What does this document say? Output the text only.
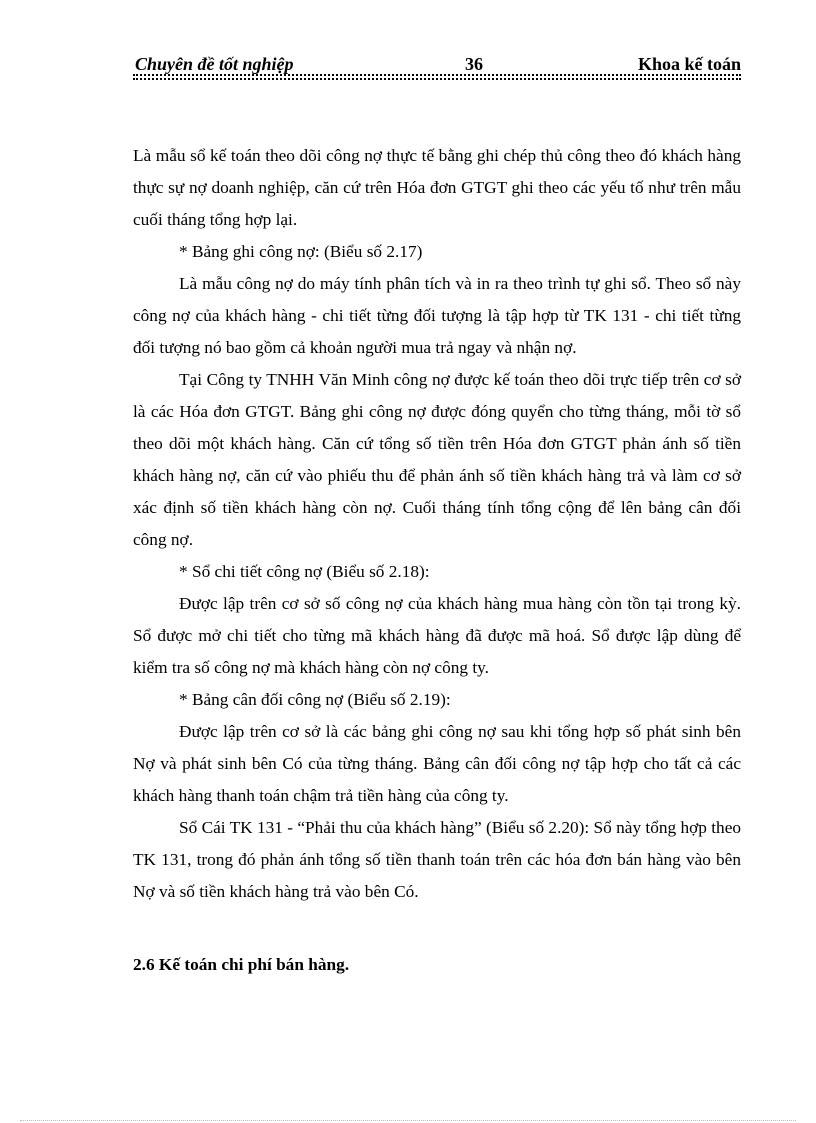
Chuyên đề tốt nghiệp	36	Khoa kế toán

Là mẫu sổ kế toán theo dõi công nợ thực tế bằng ghi chép thủ công theo đó khách hàng thực sự nợ doanh nghiệp, căn cứ trên Hóa đơn GTGT ghi theo các yếu tố như trên mẫu cuối tháng tổng hợp lại.

* Bảng ghi công nợ: (Biểu số 2.17)

Là mẫu công nợ do máy tính phân tích và in ra theo trình tự ghi sổ. Theo sổ này công nợ của khách hàng - chi tiết từng đối tượng là tập hợp từ TK 131 - chi tiết từng đối tượng nó bao gồm cả khoản người mua trả ngay và nhận nợ.

Tại Công ty TNHH Văn Minh công nợ được kế toán theo dõi trực tiếp trên cơ sở là các Hóa đơn GTGT. Bảng ghi công nợ được đóng quyển cho từng tháng, mỗi tờ sổ theo dõi một khách hàng. Căn cứ tổng số tiền trên Hóa đơn GTGT phản ánh số tiền khách hàng nợ, căn cứ vào phiếu thu để phản ánh số tiền khách hàng trả và làm cơ sở xác định số tiền khách hàng còn nợ. Cuối tháng tính tổng cộng để lên bảng cân đối công nợ.

* Sổ chi tiết công nợ (Biểu số 2.18):

Được lập trên cơ sở số công nợ của khách hàng mua hàng còn tồn tại trong kỳ. Sổ được mở chi tiết cho từng mã khách hàng đã được mã hoá. Sổ được lập dùng để kiểm tra số công nợ mà khách hàng còn nợ công ty.

* Bảng cân đối công nợ (Biểu số 2.19):

Được lập trên cơ sở là các bảng ghi công nợ sau khi tổng hợp số phát sinh bên Nợ và phát sinh bên Có của từng tháng. Bảng cân đối công nợ tập hợp cho tất cả các khách hàng thanh toán chậm trả tiền hàng của công ty.

Sổ Cái TK 131 - “Phải thu của khách hàng” (Biểu số 2.20): Sổ này tổng hợp theo TK 131, trong đó phản ánh tổng số tiền thanh toán trên các hóa đơn bán hàng vào bên Nợ và số tiền khách hàng trả vào bên Có.

2.6 Kế toán chi phí bán hàng.
